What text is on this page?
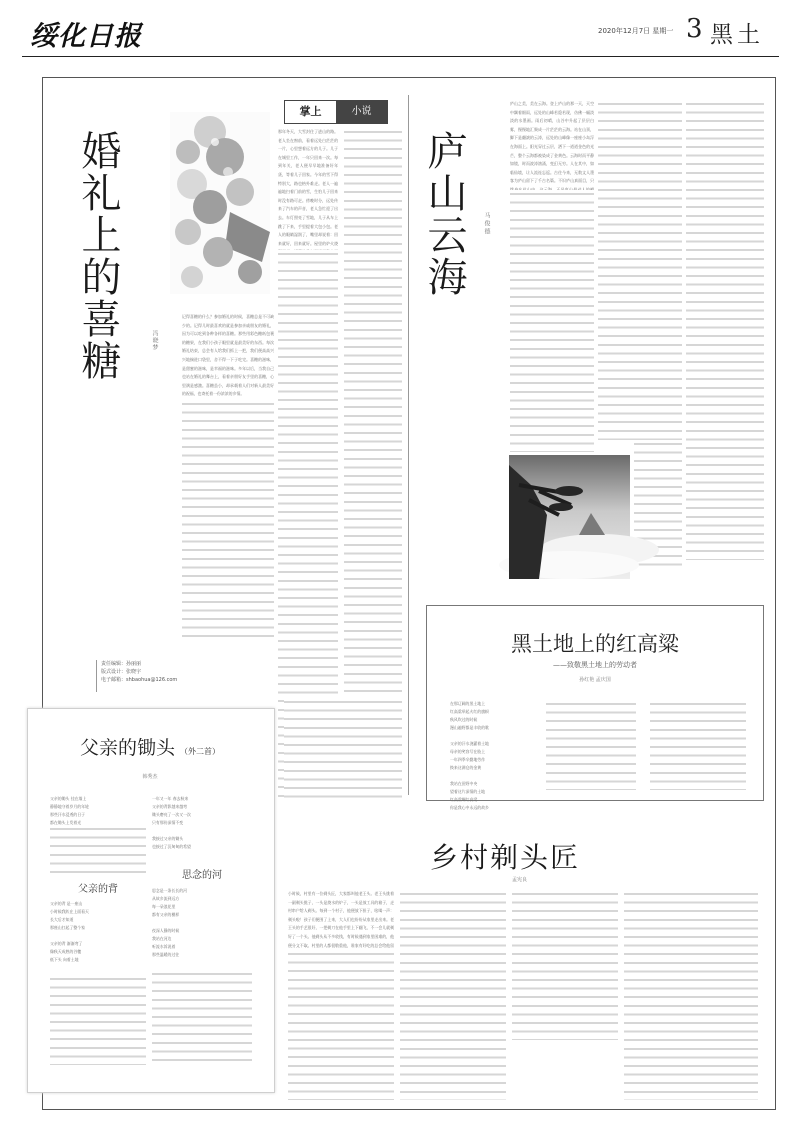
绥化日报	2020年12月7日 星期一 3 黑土
婚礼上的喜糖	冯晓梦
记得喜糖的什么？参加婚礼的时候，喜糖总是不可缺少的。记得儿时最喜欢的就是参加亲戚朋友的婚礼，因为可以吃到各种各样的喜糖。那些用彩色糖纸包裹的糖果，在我们小孩子眼里就是最美好的东西。每次婚礼结束，总会有人给我们抓上一把，我们便高高兴兴地揣进口袋里，舍不得一下子吃完。喜糖的滋味，是甜蜜的滋味，是幸福的滋味。多年以后，当我自己也站在婚礼的舞台上，看着亲朋好友手里的喜糖，心里满是感激。喜糖虽小，却承载着人们对新人最美好的祝福，也寄托着一份浓浓的乡情。
责任编辑：孙丽丽
版式设计：张晓宇
电子邮箱：shbaohua@126.com
掌上	小说
那年冬天，大雪封住了进山的路。老人坐在窗前，看着远处白茫茫的一片，心里想着远方的儿子。儿子在城里工作，一年只回来一次。每到年关，老人便早早地准备好年货，等着儿子回家。今年的雪下得特别大，路也格外难走。老人一遍遍地扫着门前的雪，生怕儿子回来时没有路可走。傍晚时分，远处传来了汽车的声音，老人急忙迎了出去。车灯照亮了雪地，儿子从车上跳了下来，手里提着大包小包。老人的眼睛湿润了，嘴里却说着：回来就好，回来就好。屋里的炉火烧 庐山云海	马俊德
庐山之美，美在云海。登上庐山的那一天，天空中飘着细雨，远处的山峰若隐若现，仿佛一幅淡淡的水墨画。雨后初晴，山谷中升起了层层白雾，慢慢地汇聚成一片茫茫的云海。站在山顶，脚下是翻滚的云涛，远处的山峰像一座座小岛浮在海面上。阳光穿过云层，洒下一道道金色的光芒，整个云海都被染成了金黄色。云海时而平静如镜，时而波涛汹涌，变幻无穷。人在其中，如临仙境，让人流连忘返。古往今来，无数文人墨客为庐山留下了千古名篇。不识庐山真面目，只
黑土地上的红高粱
——致敬黑土地上的劳动者
孙红艳 孟庆国
在那辽阔的黑土地上
红高粱举起火红的旗帜
秋风吹过的时候
漫山遍野都是丰收的歌

父亲的汗水浇灌着土地
母亲的笑容写在脸上
一年四季辛勤地劳作
换来这满仓的金黄

我站在田野中央
望着这片深情的土地
红高粱啊红高粱
你是我心中永远的故乡
父亲的锄头 （外二首）
韩秀杰
父亲的锄头 挂在墙上
静静地守着岁月的年轮
那些汗水浸透的日子
都在锄头上发着光

一年又一年 春去秋来
父亲的背影越来越弯
锄头磨亮了一次又一次
只有那份深情不变

我接过父亲的锄头
也接过了沉甸甸的希望
父亲的背
父亲的背 是一座山
小时候我趴在上面看天
长大后才知道
那座山扛起了整个家

父亲的背 渐渐弯了
像秋天成熟的谷穗
低下头 向着土地
思念的河
思念是一条长长的河
从故乡流到远方
每一朵浪花里
都有父亲的模样

夜深人静的时候
我站在河边
听流水诉说着
那些温暖的过往
乡村剃头匠
孟宪良
小时候，村里有一位剃头匠，大家都叫他老王头。老王头挑着一副剃头挑子，一头是烧水的炉子，一头是放工具的箱子，走村串户给人剃头。每到一个村子，他便放下担子，吆喝一声：剃头啦！孩子们便围了上来，大人们也纷纷从家里走出来。老王头的手艺很好，一把剃刀在他手里上下翻飞，不一会儿就剃好了一个头。他剃头从不多收钱，有时候遇到家里困难的，他便分文不取。村里的人都很敬重他，谁家有好吃的总会给他留
